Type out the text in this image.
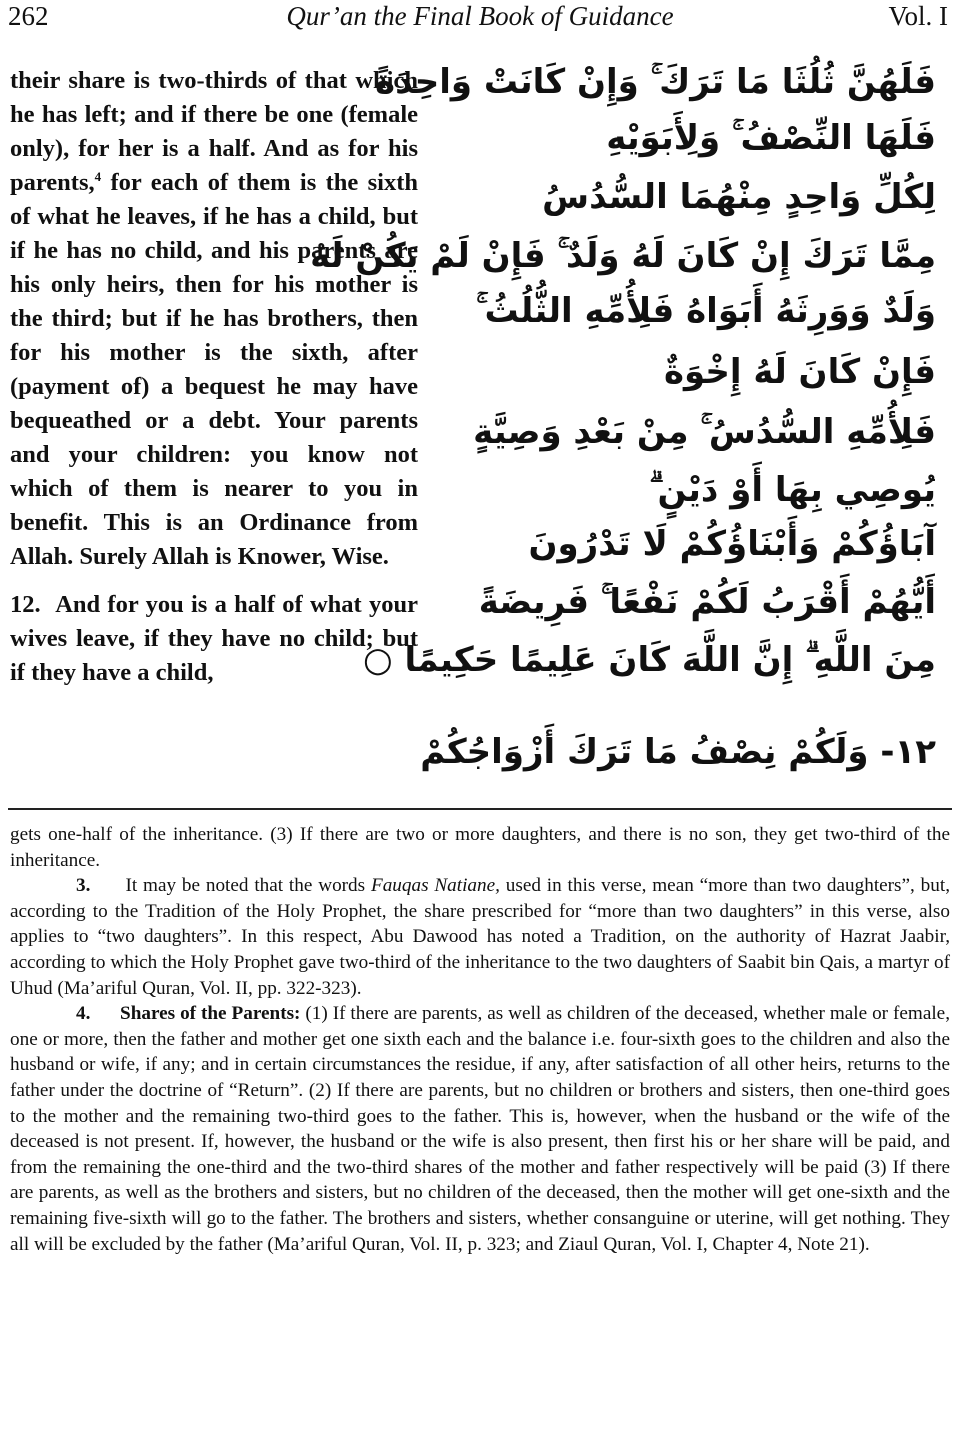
262	Qur’an the Final Book of Guidance	Vol. I

their share is two-thirds of that which he has left; and if there be one (female only), for her is a half. And as for his parents,$^4$ for each of them is the sixth of what he leaves, if he has a child, but if he has no child, and his parents are his only heirs, then for his mother is the third; but if he has brothers, then for his mother is the sixth, after (payment of) a bequest he may have bequeathed or a debt. Your parents and your children: you know not which of them is nearer to you in benefit. This is an Ordinance from Allah. Surely Allah is Knower, Wise.

12. And for you is a half of what your wives leave, if they have no child; but if they have a child,

فَلَهُنَّ ثُلُثَا مَا تَرَكَ ۚ وَإِنْ كَانَتْ وَاحِدَةً
فَلَهَا النِّصْفُ ۚ وَلِأَبَوَيْهِ
لِكُلِّ وَاحِدٍ مِنْهُمَا السُّدُسُ
مِمَّا تَرَكَ إِنْ كَانَ لَهُ وَلَدٌ ۚ فَإِنْ لَمْ يَكُنْ لَهُ
وَلَدٌ وَوَرِثَهُ أَبَوَاهُ فَلِأُمِّهِ الثُّلُثُ ۚ
فَإِنْ كَانَ لَهُ إِخْوَةٌ
فَلِأُمِّهِ السُّدُسُ ۚ مِنْ بَعْدِ وَصِيَّةٍ
يُوصِي بِهَا أَوْ دَيْنٍ ۗ
آبَاؤُكُمْ وَأَبْنَاؤُكُمْ لَا تَدْرُونَ
أَيُّهُمْ أَقْرَبُ لَكُمْ نَفْعًا ۚ فَرِيضَةً
مِنَ اللَّهِ ۗ إِنَّ اللَّهَ كَانَ عَلِيمًا حَكِيمًا ○
١٢- وَلَكُمْ نِصْفُ مَا تَرَكَ أَزْوَاجُكُمْ

gets one-half of the inheritance. (3) If there are two or more daughters, and there is no son, they get two-third of the inheritance.

3. It may be noted that the words Fauqas Natiane, used in this verse, mean “more than two daughters”, but, according to the Tradition of the Holy Prophet, the share prescribed for “more than two daughters” in this verse, also applies to “two daughters”. In this respect, Abu Dawood has noted a Tradition, on the authority of Hazrat Jaabir, according to which the Holy Prophet gave two-third of the inheritance to the two daughters of Saabit bin Qais, a martyr of Uhud (Ma’ariful Quran, Vol. II, pp. 322-323).

4. Shares of the Parents: (1) If there are parents, as well as children of the deceased, whether male or female, one or more, then the father and mother get one sixth each and the balance i.e. four-sixth goes to the children and also the husband or wife, if any; and in certain circumstances the residue, if any, after satisfaction of all other heirs, returns to the father under the doctrine of “Return”. (2) If there are parents, but no children or brothers and sisters, then one-third goes to the mother and the remaining two-third goes to the father. This is, however, when the husband or the wife of the deceased is not present. If, however, the husband or the wife is also present, then first his or her share will be paid, and from the remaining the one-third and the two-third shares of the mother and father respectively will be paid (3) If there are parents, as well as the brothers and sisters, but no children of the deceased, then the mother will get one-sixth and the remaining five-sixth will go to the father. The brothers and sisters, whether consanguine or uterine, will get nothing. They all will be excluded by the father (Ma’ariful Quran, Vol. II, p. 323; and Ziaul Quran, Vol. I, Chapter 4, Note 21).
